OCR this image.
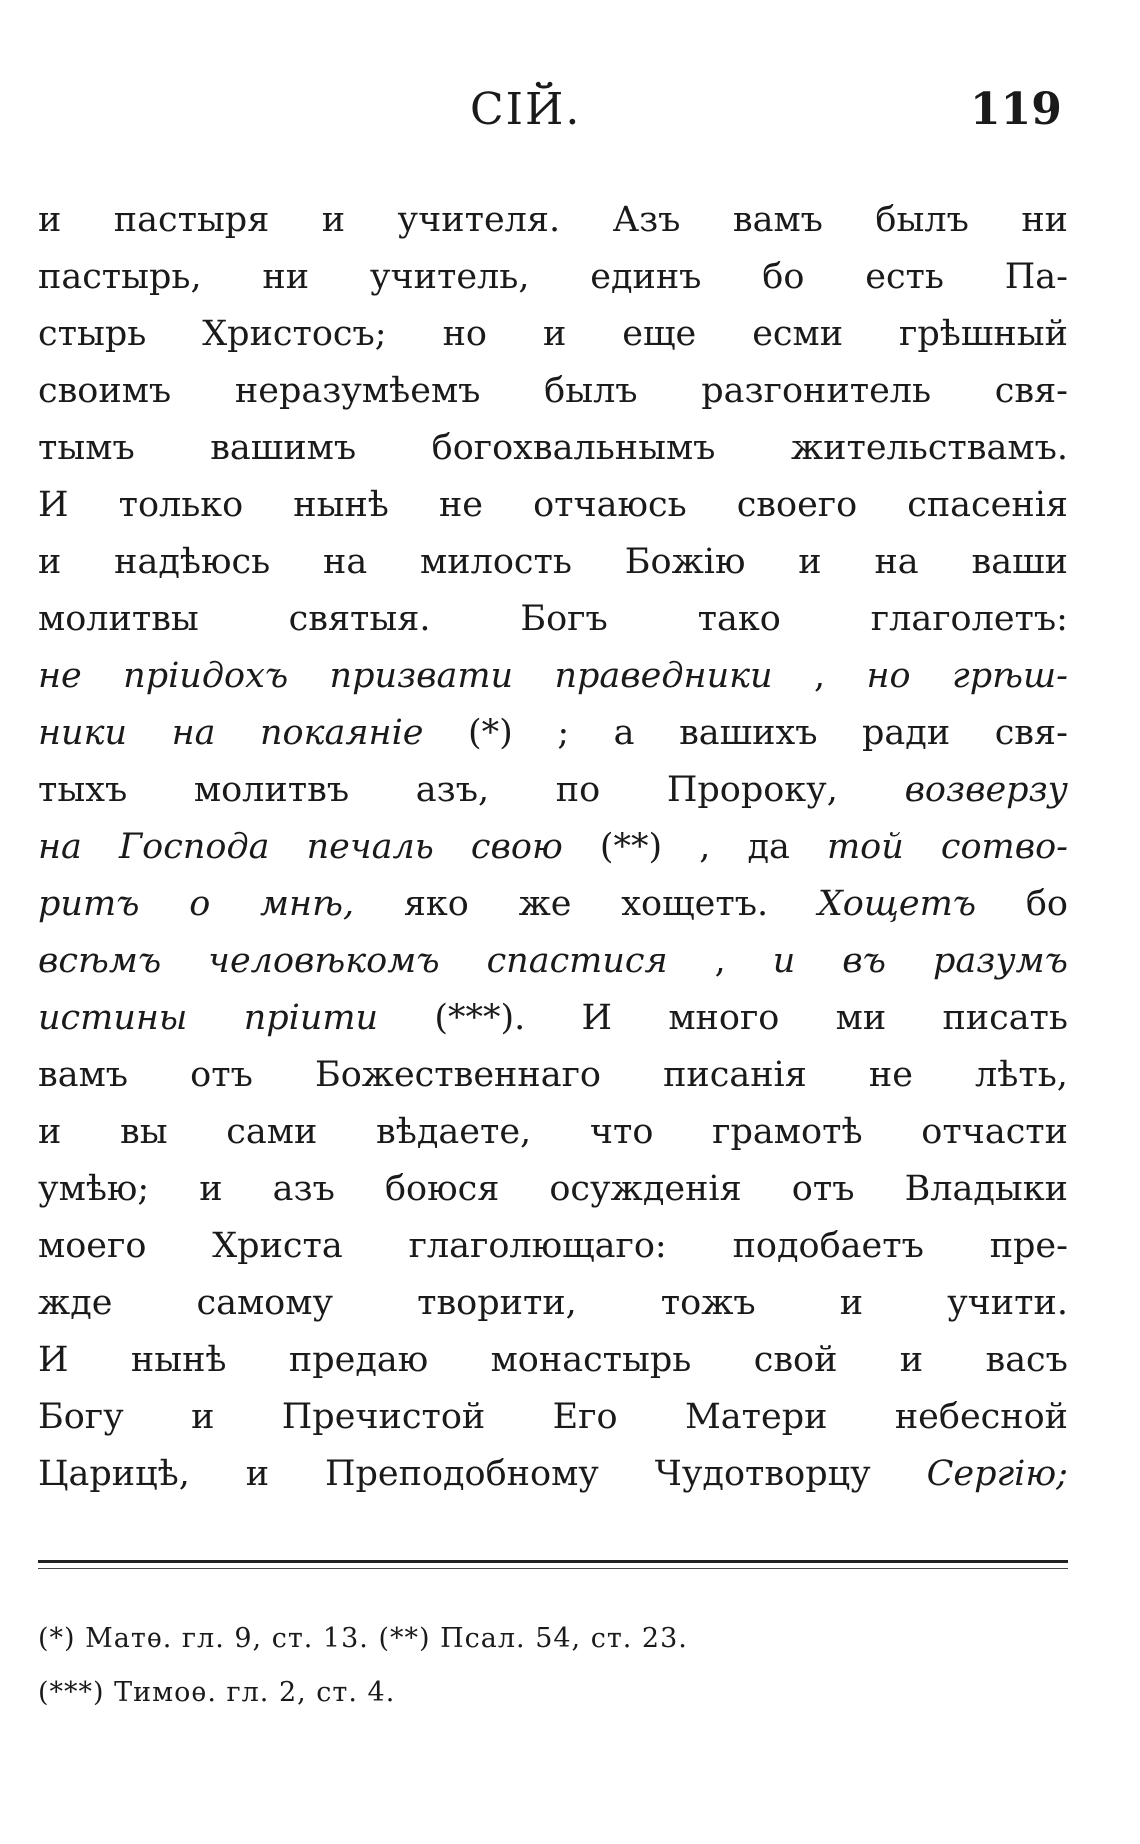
СІЙ.	119
и пастыря и учителя. Азъ вамъ былъ ни
пастырь, ни учитель, единъ бо есть Па-
стырь Христосъ; но и еще есми грѣшный
своимъ неразумѣемъ былъ разгонитель свя-
тымъ вашимъ богохвальнымъ жительствамъ.
И только нынѣ не отчаюсь своего спасенія
и надѣюсь на милость Божію и на ваши
молитвы	святыя.	Богъ	тако	глаголетъ:
не пріидохъ призвати праведники , но грѣш-
ники на покаяніе (*) ; а вашихъ ради свя-
тыхъ молитвъ азъ, по Пророку, возверзу
на Господа печаль свою (**) , да той сотво-
ритъ о мнѣ, яко же хощетъ. Хощетъ бо
всѣмъ человѣкомъ спастися , и въ разумъ
истины пріити (***). И много ми писать
вамъ отъ Божественнаго писанія не лѣть,
и вы сами вѣдаете, что грамотѣ отчасти
умѣю; и азъ боюся осужденія отъ Владыки
моего Христа глаголющаго: подобаетъ пре-
жде самому творити, тожъ и учити.
И нынѣ предаю монастырь свой и васъ
Богу и Пречистой Его Матери небесной
Царицѣ, и Преподобному Чудотворцу Сергію;
(*) Матѳ. гл. 9, ст. 13. (**) Псал. 54, ст. 23.
(***) Тимоѳ. гл. 2, ст. 4.
